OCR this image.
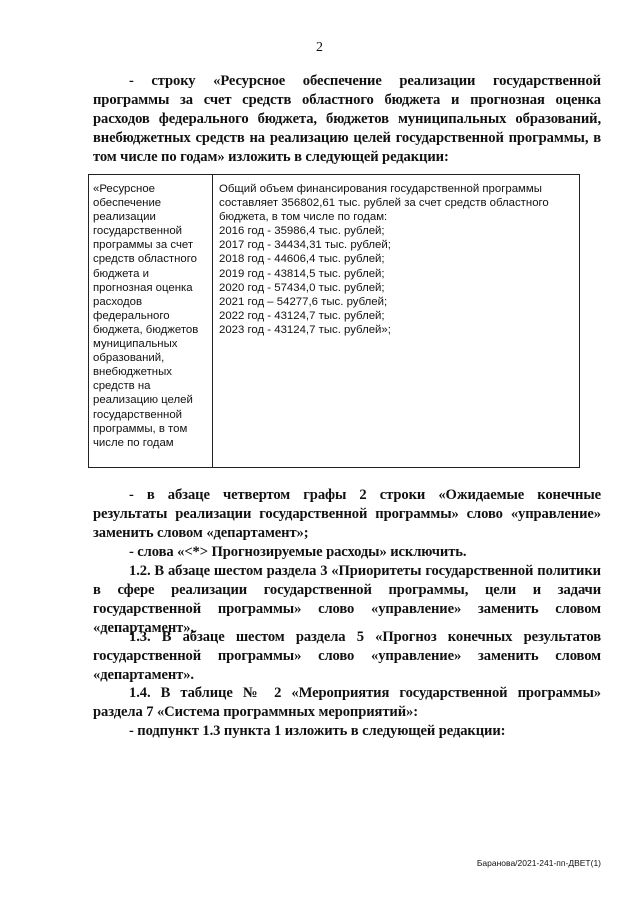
2
- строку «Ресурсное обеспечение реализации государственной программы за счет средств областного бюджета и прогнозная оценка расходов федерального бюджета, бюджетов муниципальных образований, внебюджетных средств на реализацию целей государственной программы, в том числе по годам» изложить в следующей редакции:
«Ресурсное обеспечение реализации государственной программы за счет средств областного бюджета и прогнозная оценка расходов федерального бюджета, бюджетов муниципальных образований, внебюджетных средств на реализацию целей государственной программы, в том числе по годам
Общий объем финансирования государственной программы составляет 356802,61 тыс. рублей за счет средств областного бюджета, в том числе по годам:
2016 год - 35986,4 тыс. рублей;
2017 год - 34434,31 тыс. рублей;
2018 год - 44606,4 тыс. рублей;
2019 год - 43814,5 тыс. рублей;
2020 год - 57434,0 тыс. рублей;
2021 год – 54277,6 тыс. рублей;
2022 год - 43124,7 тыс. рублей;
2023 год - 43124,7 тыс. рублей»;
- в абзаце четвертом графы 2 строки «Ожидаемые конечные результаты реализации государственной программы» слово «управление» заменить словом «департамент»;
- слова «<*> Прогнозируемые расходы» исключить.
1.2. В абзаце шестом раздела 3 «Приоритеты государственной политики в сфере реализации государственной программы, цели и задачи государственной программы» слово «управление» заменить словом «департамент».
1.3. В абзаце шестом раздела 5 «Прогноз конечных результатов государственной программы» слово «управление» заменить словом «департамент».
1.4. В таблице № 2 «Мероприятия государственной программы» раздела 7 «Система программных мероприятий»:
- подпункт 1.3 пункта 1 изложить в следующей редакции:
Баранова/2021-241-пп-ДВЕТ(1)
